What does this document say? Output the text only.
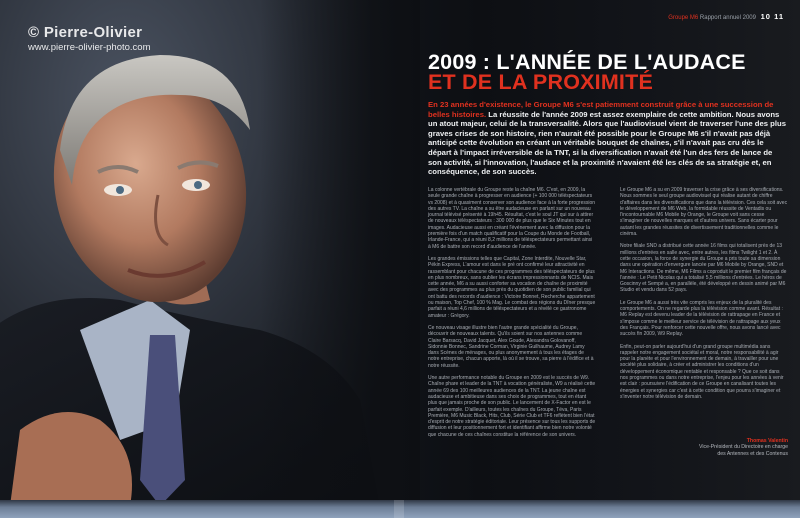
© Pierre-Olivier
www.pierre-olivier-photo.com
Groupe M6 Rapport annuel 2009 10 11
2009 : L'ANNÉE DE L'AUDACE
ET DE LA PROXIMITÉ

En 23 années d'existence, le Groupe M6 s'est patiemment construit grâce à une succession de belles histoires. La réussite de l'année 2009 est assez exemplaire de cette ambition. Nous avons un atout majeur, celui de la transversalité. Alors que l'audiovisuel vient de traverser l'une des plus graves crises de son histoire, rien n'aurait été possible pour le Groupe M6 s'il n'avait pas déjà anticipé cette évolution en créant un véritable bouquet de chaînes, s'il n'avait pas cru dès le départ à l'impact irréversible de la TNT, si la diversification n'avait été l'un des fers de lance de son activité, si l'innovation, l'audace et la proximité n'avaient été les clés de sa stratégie et, en conséquence, de son succès.

La colonne vertébrale du Groupe reste la chaîne M6. C'est, en 2009, la seule grande chaîne à progresser en audience (+ 100 000 téléspectateurs vs 2008) et à quasiment conserver son audience face à la forte progression des autres TV. La chaîne a su être audacieuse en parlant sur un nouveau journal télévisé présenté à 19h45. Résultat, c'est le soul JT qui sur à attirer de nouveaux téléspectateurs : 300 000 de plus que le Six Minutes tout en images. Audacieuse aussi en créant l'événement avec la diffusion pour la première fois d'un match qualificatif pour la Coupe du Monde de Football, Irlande-France, qui a réuni 8,2 millions de téléspectateurs permettant ainsi à M6 de battre son record d'audience de l'année.

Les grandes émissions telles que Capital, Zone Interdite, Nouvelle Star, Pékin Express, L'amour est dans le pré ont confirmé leur attractivité en rassemblant pour chacune de ces programmes des téléspectateurs de plus en plus nombreux, sans oublier les écrans impressionnants de NCIS. Mais cette année, M6 a su aussi conforter sa vocation de chaîne de proximité avec des programmes au plus près du quotidien de son public familial qui ont battu des records d'audience : Victoire Bonnet, Recherche appartement ou maison, Top Chef, 100 % Mag. Le combat des régions du Dîner presque parfait a réuni 4,6 millions de téléspectateurs et a révélé ce gastronome amateur : Grégory.

Ce nouveau visage illustre bien l'autre grande spécialité du Groupe, découvrir de nouveaux talents. Qu'ils soient sur nos antennes comme Claire Barsacq, David Jacquet, Alex Goude, Alexandra Golovanoff, Sidonnie Bonnec, Sandrine Corman, Virginie Guilhaume, Audrey Lamy dans Scènes de ménages, ou plus anonymement à tous les étages de notre entreprise, chacun apporte, là où il se trouve, sa pierre à l'édifice et à notre réussite.

Une autre performance notable du Groupe en 2009 est le succès de W9. Chaîne phare et leader de la TNT à vocation généraliste, W9 a réalisé cette année 69 des 100 meilleures audiences de la TNT. La jeune chaîne est audacieuse et ambitieuse dans ses choix de programmes, tout en étant plus que jamais proche de son public. Le lancement de X-Factor en est le parfait exemple. D'ailleurs, toutes les chaînes du Groupe, Téva, Paris Première, M6 Music Black, Hits, Club, Série Club et TF6 reflètent bien l'état d'esprit de notre stratégie éditoriale. Leur présence sur tous les supports de diffusion et leur positionnement fort et identifiant affirme bien notre volonté que chacune de ces chaînes constitue la référence de son univers.

Le Groupe M6 a su en 2009 traverser la crise grâce à ses diversifications. Nous sommes le seul groupe audiovisuel qui réalise autant de chiffre d'affaires dans les diversifications que dans la télévision. Ces cela soit avec le développement de M6 Web, la formidable réussite de Ventadis ou l'incontournable M6 Mobile by Orange, le Groupe voit sans cesse s'imaginer de nouvelles marques et d'autres univers. Sans écarter pour autant les grandes réussites de divertissement traditionnelles comme le cinéma.

Notre filiale SND a distribué cette année 16 films qui totalisent près de 13 millions d'entrées en salle avec, entre autres, les films Twilight 1 et 2. À cette occasion, la force de synergie du Groupe a pris toute sa dimension dans une opération d'envergure lancée par M6 Mobile by Orange, SND et M6 Interactions. De même, M6 Films a coproduit le premier film français de l'année : Le Petit Nicolas qui a totalisé 5,5 millions d'entrées. Le héros de Goscinny et Sempé a, en parallèle, été développé en dessin animé par M6 Studio et vendu dans 52 pays.

Le Groupe M6 a aussi très vite compris les enjeux de la pluralité des comportements. On ne regarde plus la télévision comme avant. Résultat : M6 Replay est devenu leader de la télévision de rattrapage en France et s'impose comme le meilleur service de télévision de rattrapage aux yeux des Français. Pour renforcer cette nouvelle offre, nous avons lancé avec succès fin 2009, W9 Replay.

Enfin, peut-on parler aujourd'hui d'un grand groupe multimédia sans rappeler notre engagement sociétal et moral, notre responsabilité à agir pour la planète et pour l'environnement de demain, à travailler pour une société plus solidaire, à créer et administrer les conditions d'un développement économique rentable et responsable ? Que ce soit dans nos programmes ou dans notre entreprise, l'enjeu pour les années à venir est clair : poursuivre l'édification de ce Groupe en canalisant toutes les énergies et synergies car c'est à cette condition que pourra s'imaginer et s'inventer notre télévision de demain.

Thomas Valentin
Vice-Président du Directoire en charge
des Antennes et des Contenus
